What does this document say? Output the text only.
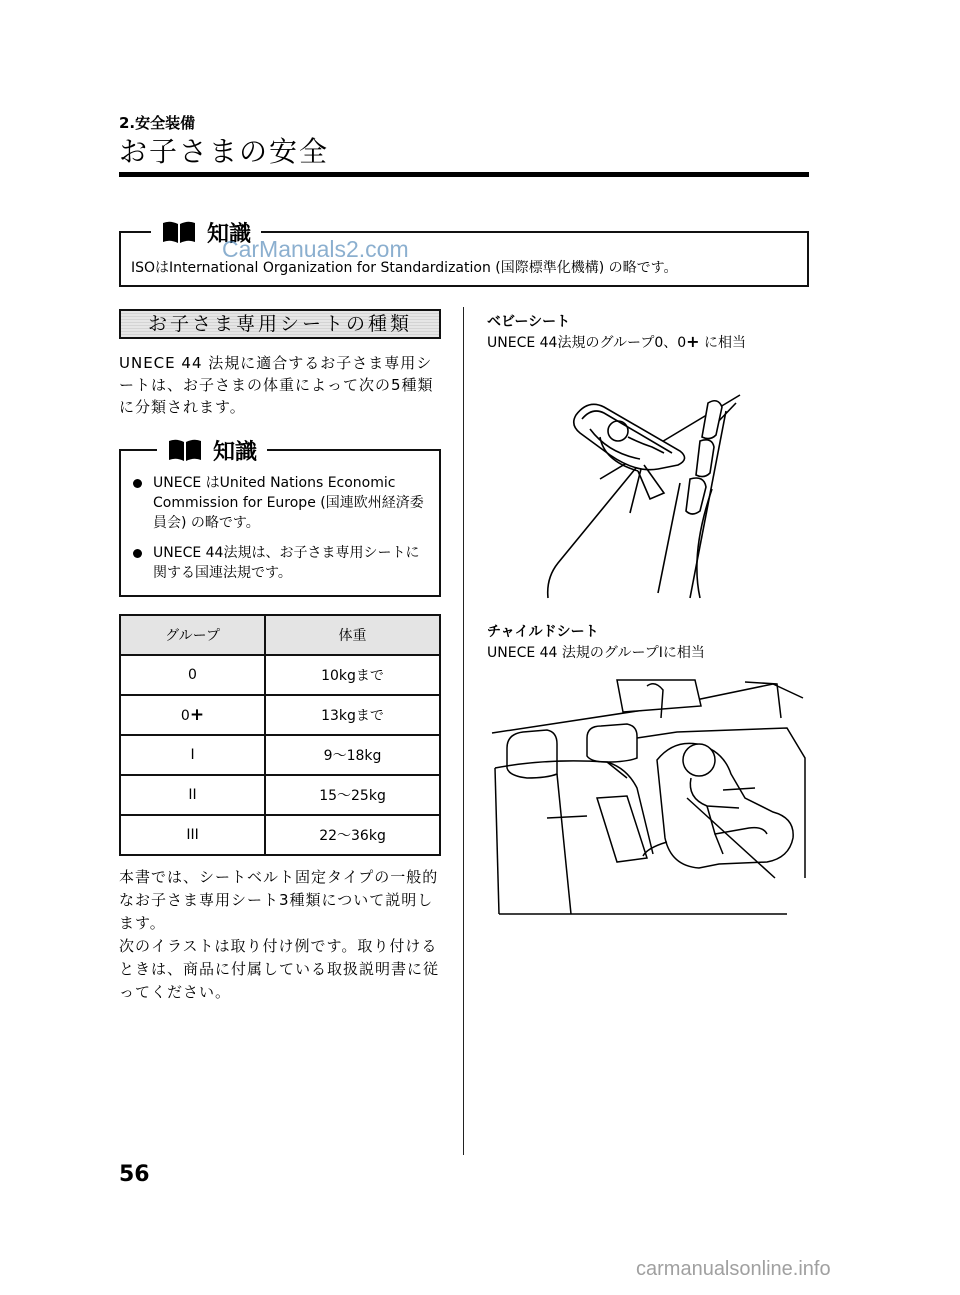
2.安全装備
お子さまの安全
知識
ISOはInternational Organization for Standardization (国際標準化機構) の略です。
CarManuals2.com
お子さま専用シートの種類
UNECE 44 法規に適合するお子さま専用シートは、お子さまの体重によって次の5種類に分類されます。
知識
UNECE はUnited Nations Economic Commission for Europe (国連欧州経済委員会) の略です。
UNECE 44法規は、お子さま専用シートに関する国連法規です。
グループ	体重
0	10kgまで
0+	13kgまで
I	9〜18kg
II	15〜25kg
III	22〜36kg
本書では、シートベルト固定タイプの一般的なお子さま専用シート3種類について説明します。
次のイラストは取り付け例です。取り付けるときは、商品に付属している取扱説明書に従ってください。
ベビーシート
UNECE 44法規のグループ0、0+ に相当
チャイルドシート
UNECE 44 法規のグループIに相当
56
carmanualsonline.info
